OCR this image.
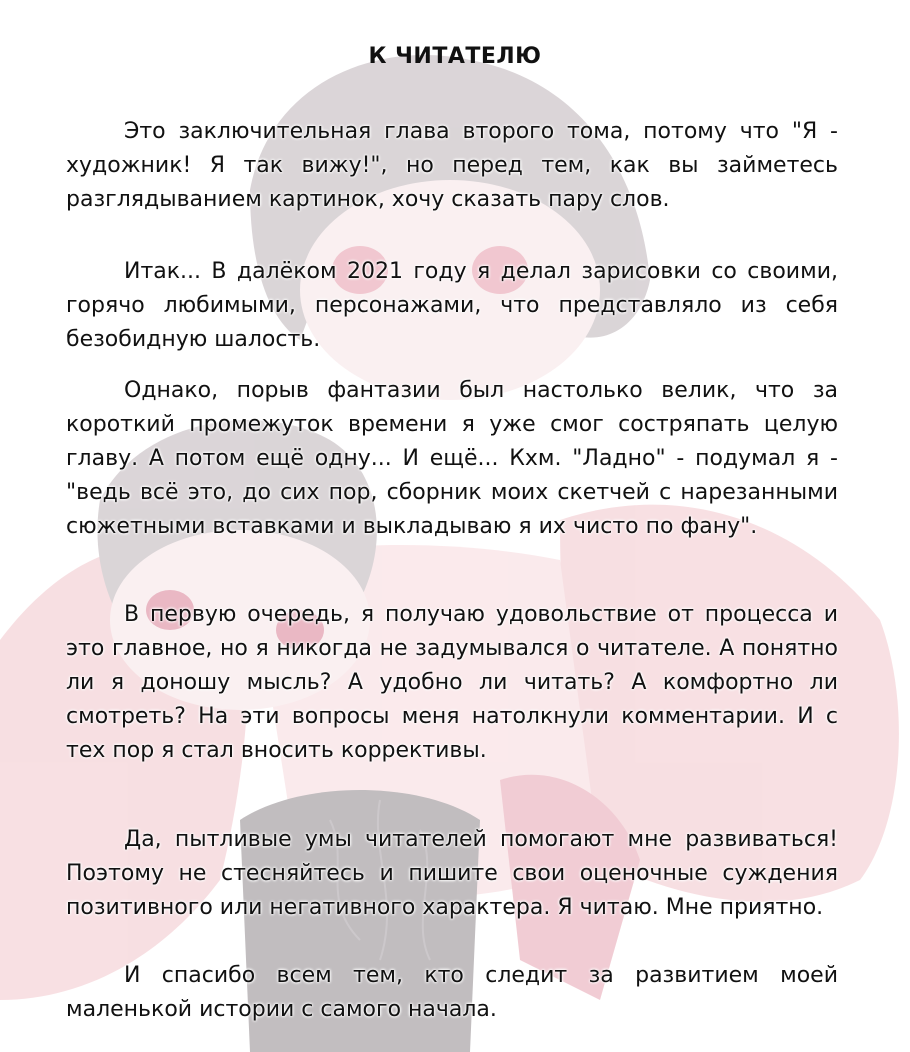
К ЧИТАТЕЛЮ

Это заключительная глава второго тома, потому что "Я - художник! Я так вижу!", но перед тем, как вы займетесь разглядыванием картинок, хочу сказать пару слов.

Итак... В далёком 2021 году я делал зарисовки со своими, горячо любимыми, персонажами, что представляло из себя безобидную шалость.

Однако, порыв фантазии был настолько велик, что за короткий промежуток времени я уже смог состряпать целую главу. А потом ещё одну... И ещё... Кхм. "Ладно" - подумал я - "ведь всё это, до сих пор, сборник моих скетчей с нарезанными сюжетными вставками и выкладываю я их чисто по фану".

В первую очередь, я получаю удовольствие от процесса и это главное, но я никогда не задумывался о читателе. А понятно ли я доношу мысль? А удобно ли читать? А комфортно ли смотреть? На эти вопросы меня натолкнули комментарии. И с тех пор я стал вносить коррективы.

Да, пытливые умы читателей помогают мне развиваться! Поэтому не стесняйтесь и пишите свои оценочные суждения позитивного или негативного характера. Я читаю. Мне приятно.

И спасибо всем тем, кто следит за развитием моей маленькой истории с самого начала.
